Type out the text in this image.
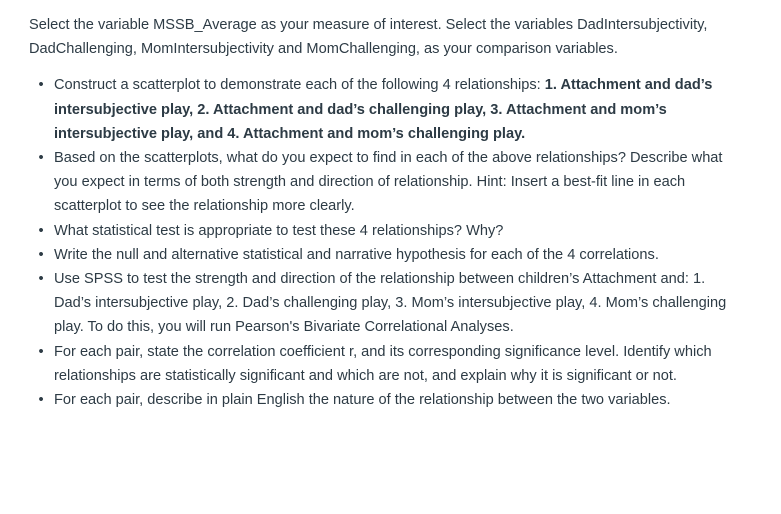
Select the variable MSSB_Average as your measure of interest. Select the variables DadIntersubjectivity, DadChallenging, MomIntersubjectivity and MomChallenging, as your comparison variables.

• Construct a scatterplot to demonstrate each of the following 4 relationships: 1. Attachment and dad’s intersubjective play, 2. Attachment and dad’s challenging play, 3. Attachment and mom’s intersubjective play, and 4. Attachment and mom’s challenging play.
• Based on the scatterplots, what do you expect to find in each of the above relationships? Describe what you expect in terms of both strength and direction of relationship. Hint: Insert a best-fit line in each scatterplot to see the relationship more clearly.
• What statistical test is appropriate to test these 4 relationships? Why?
• Write the null and alternative statistical and narrative hypothesis for each of the 4 correlations.
• Use SPSS to test the strength and direction of the relationship between children’s Attachment and: 1. Dad’s intersubjective play, 2. Dad’s challenging play, 3. Mom’s intersubjective play, 4. Mom’s challenging play. To do this, you will run Pearson's Bivariate Correlational Analyses.
• For each pair, state the correlation coefficient r, and its corresponding significance level. Identify which relationships are statistically significant and which are not, and explain why it is significant or not.
• For each pair, describe in plain English the nature of the relationship between the two variables.
